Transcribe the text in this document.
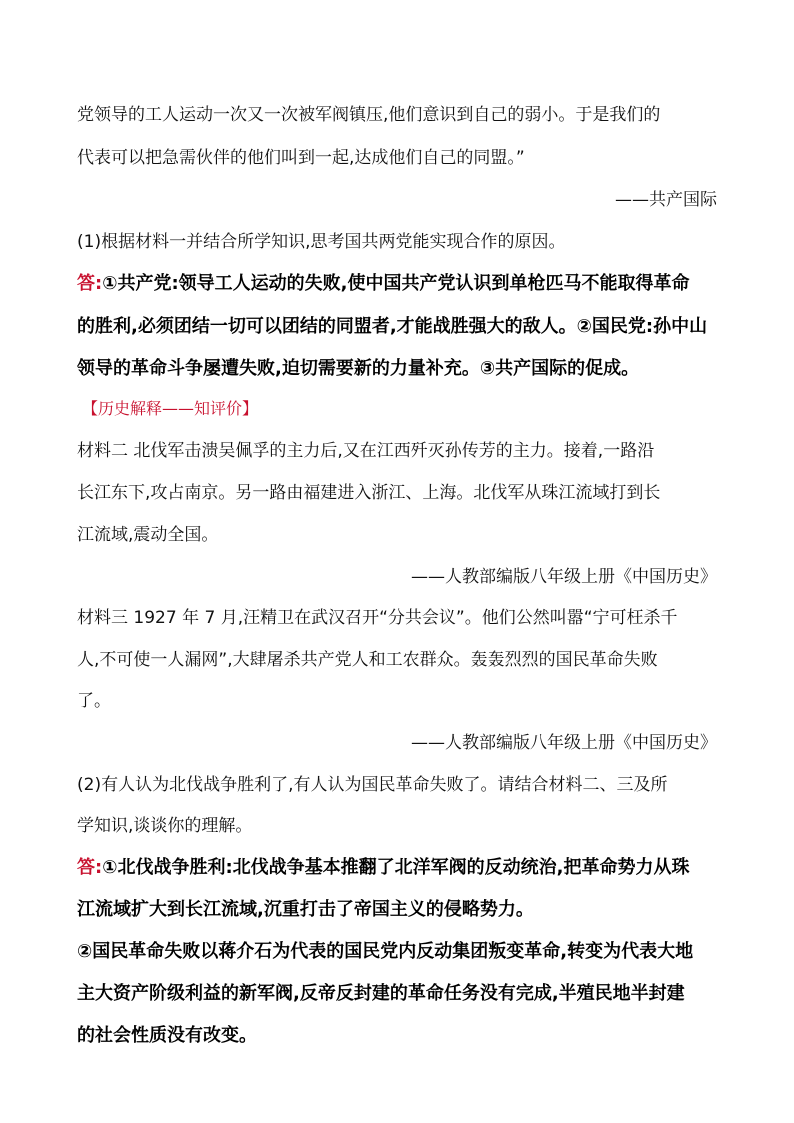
党领导的工人运动一次又一次被军阀镇压,他们意识到自己的弱小。于是我们的
代表可以把急需伙伴的他们叫到一起,达成他们自己的同盟。”
——共产国际
(1)根据材料一并结合所学知识,思考国共两党能实现合作的原因。
答:①共产党:领导工人运动的失败,使中国共产党认识到单枪匹马不能取得革命
的胜利,必须团结一切可以团结的同盟者,才能战胜强大的敌人。②国民党:孙中山
领导的革命斗争屡遭失败,迫切需要新的力量补充。③共产国际的促成。
【历史解释——知评价】
材料二 北伐军击溃吴佩孚的主力后,又在江西歼灭孙传芳的主力。接着,一路沿
长江东下,攻占南京。另一路由福建进入浙江、上海。北伐军从珠江流域打到长
江流域,震动全国。
——人教部编版八年级上册《中国历史》
材料三 1927 年 7 月,汪精卫在武汉召开“分共会议”。他们公然叫嚣“宁可枉杀千
人,不可使一人漏网”,大肆屠杀共产党人和工农群众。轰轰烈烈的国民革命失败
了。
——人教部编版八年级上册《中国历史》
(2)有人认为北伐战争胜利了,有人认为国民革命失败了。请结合材料二、三及所
学知识,谈谈你的理解。
答:①北伐战争胜利:北伐战争基本推翻了北洋军阀的反动统治,把革命势力从珠
江流域扩大到长江流域,沉重打击了帝国主义的侵略势力。
②国民革命失败以蒋介石为代表的国民党内反动集团叛变革命,转变为代表大地
主大资产阶级利益的新军阀,反帝反封建的革命任务没有完成,半殖民地半封建
的社会性质没有改变。
